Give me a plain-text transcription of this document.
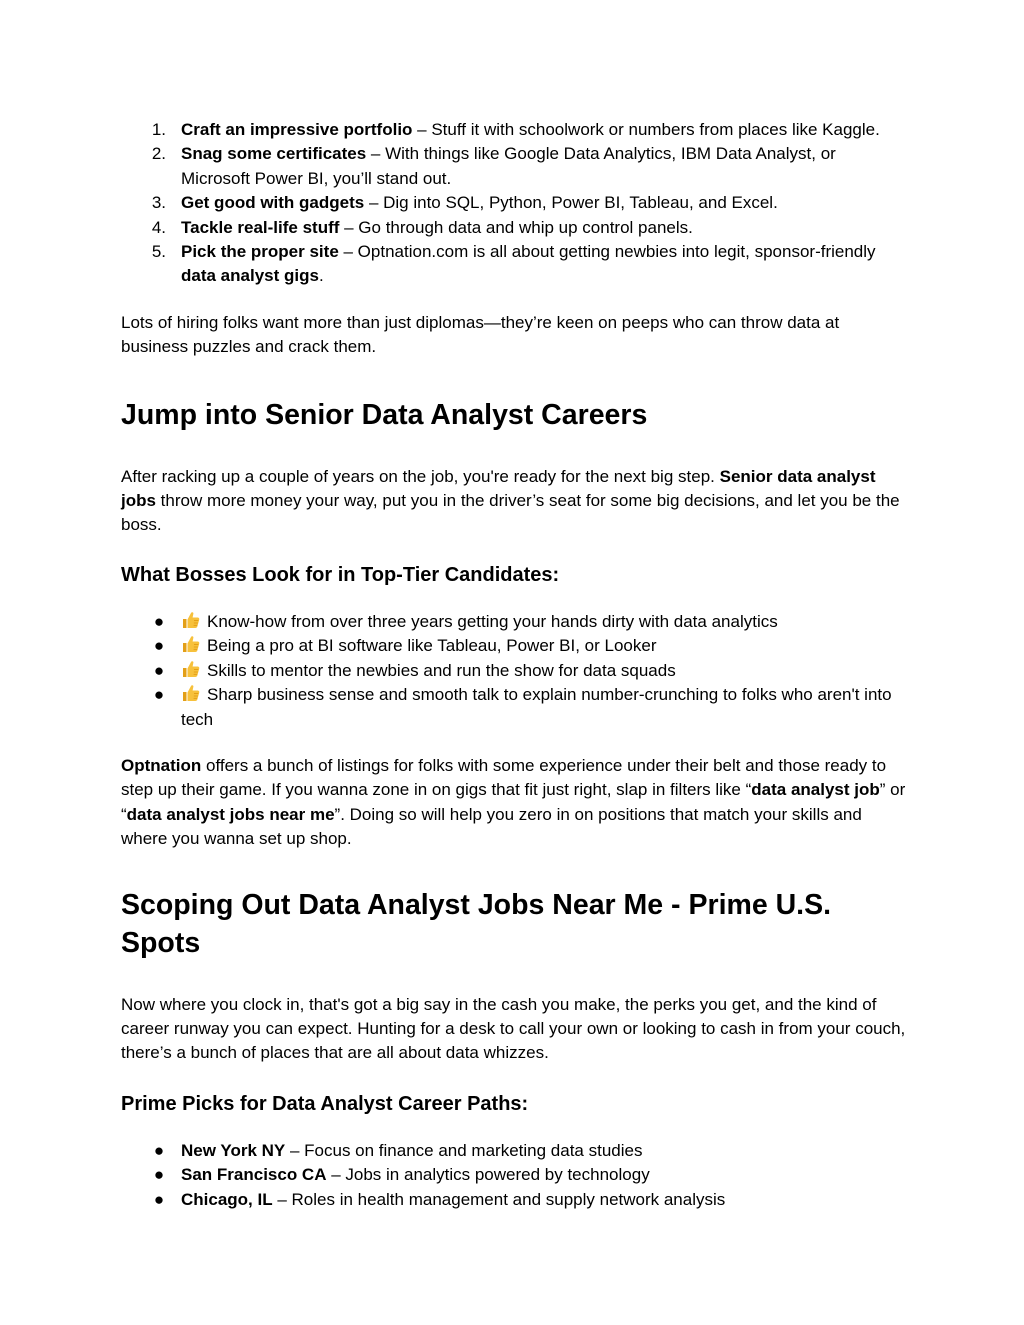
1. Craft an impressive portfolio – Stuff it with schoolwork or numbers from places like Kaggle.
2. Snag some certificates – With things like Google Data Analytics, IBM Data Analyst, or Microsoft Power BI, you’ll stand out.
3. Get good with gadgets – Dig into SQL, Python, Power BI, Tableau, and Excel.
4. Tackle real-life stuff – Go through data and whip up control panels.
5. Pick the proper site – Optnation.com is all about getting newbies into legit, sponsor-friendly data analyst gigs.

Lots of hiring folks want more than just diplomas—they’re keen on peeps who can throw data at business puzzles and crack them.

Jump into Senior Data Analyst Careers

After racking up a couple of years on the job, you're ready for the next big step. Senior data analyst jobs throw more money your way, put you in the driver’s seat for some big decisions, and let you be the boss.

What Bosses Look for in Top-Tier Candidates:
●	Know-how from over three years getting your hands dirty with data analytics
●	Being a pro at BI software like Tableau, Power BI, or Looker
●	Skills to mentor the newbies and run the show for data squads
●	Sharp business sense and smooth talk to explain number-crunching to folks who aren't into tech

Optnation offers a bunch of listings for folks with some experience under their belt and those ready to step up their game. If you wanna zone in on gigs that fit just right, slap in filters like “data analyst job” or “data analyst jobs near me”. Doing so will help you zero in on positions that match your skills and where you wanna set up shop.

Scoping Out Data Analyst Jobs Near Me - Prime U.S. Spots

Now where you clock in, that's got a big say in the cash you make, the perks you get, and the kind of career runway you can expect. Hunting for a desk to call your own or looking to cash in from your couch, there’s a bunch of places that are all about data whizzes.

Prime Picks for Data Analyst Career Paths:
● New York NY – Focus on finance and marketing data studies
● San Francisco CA – Jobs in analytics powered by technology
● Chicago, IL – Roles in health management and supply network analysis
